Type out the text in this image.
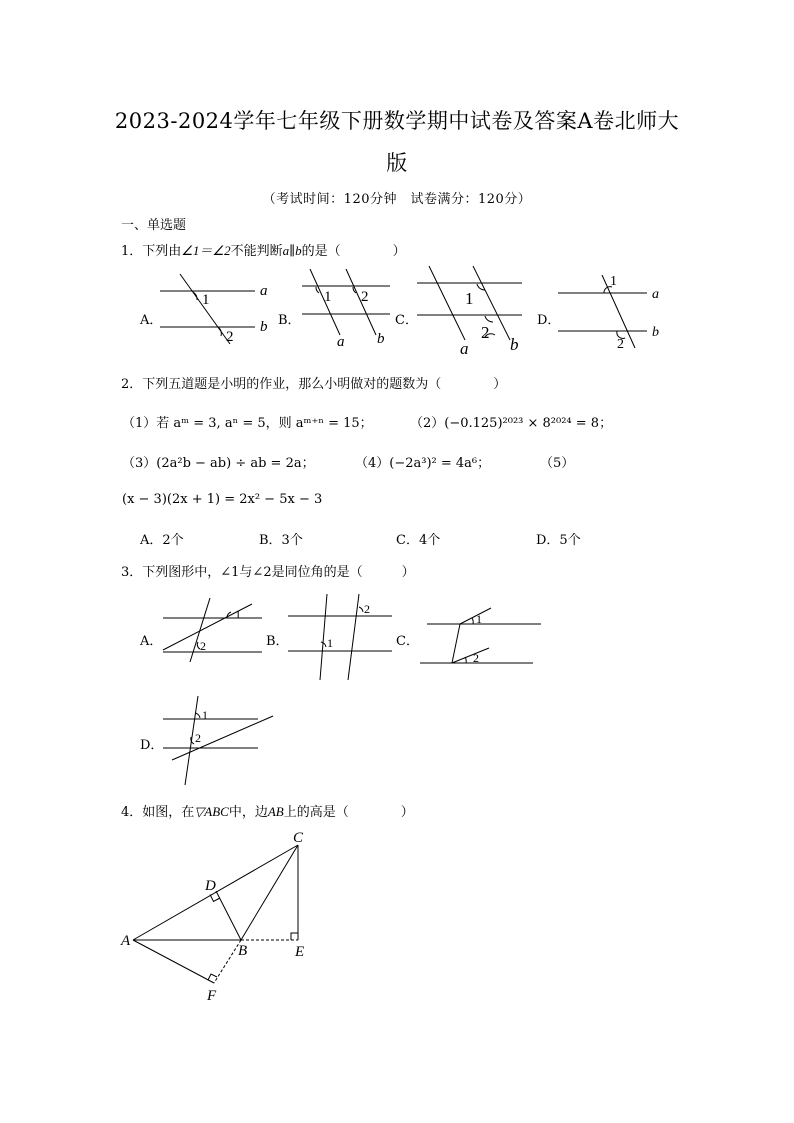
2023-2024学年七年级下册数学期中试卷及答案A卷北师大
版
（考试时间：120分钟　试卷满分：120分）
一、单选题
1．下列由∠1＝∠2不能判断a∥b的是（　　　　）
A．	B．	C．	D．
1
2
a
b
1 2
a b
1
2
a b
1
2
a
b
2．下列五道题是小明的作业，那么小明做对的题数为（　　　　）
（1）若 aᵐ = 3, aⁿ = 5，则 aᵐ⁺ⁿ = 15；	（2）(−0.125)²⁰²³ × 8²⁰²⁴ = 8；
（3）(2a²b − ab) ÷ ab = 2a；	（4）(−2a³)² = 4a⁶；	（5）
(x − 3)(2x + 1) = 2x² − 5x − 3
A．2个	B．3个	C．4个	D．5个
3．下列图形中，∠1与∠2是同位角的是（　　　）
A．	B．	C．
D．
1
2
2
1
1
2
1
2
4．如图，在▽ABC中，边AB上的高是（　　　　）
A
B
C
D
E
F
